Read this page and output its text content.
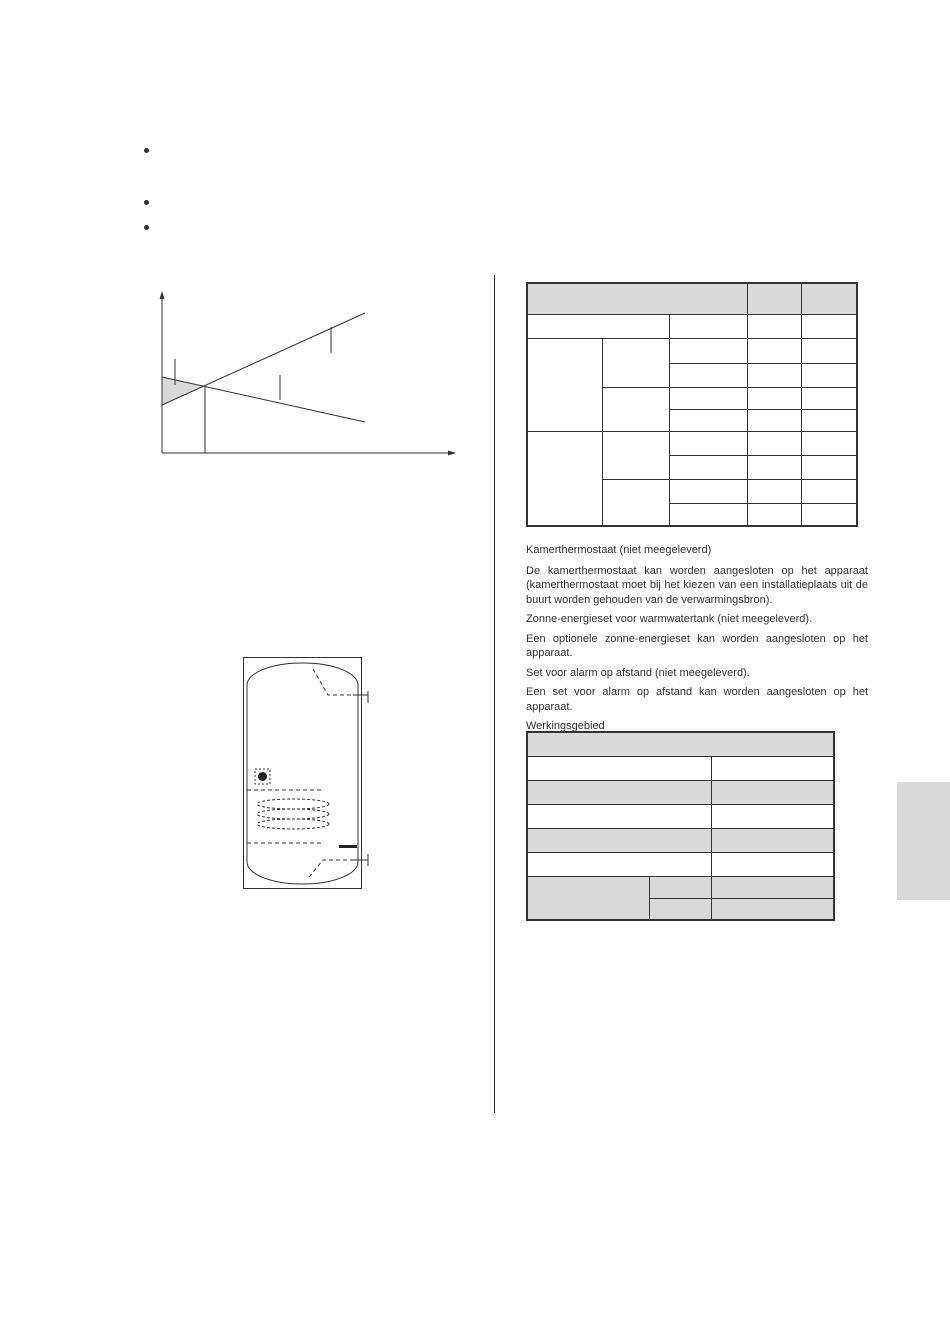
Kamerthermostaat (niet meegeleverd)

De kamerthermostaat kan worden aangesloten op het apparaat (kamerthermostaat moet bij het kiezen van een installatieplaats uit de buurt worden gehouden van de verwarmingsbron).

Zonne-energieset voor warmwatertank (niet meegeleverd).

Een optionele zonne-energieset kan worden aangesloten op het apparaat.

Set voor alarm op afstand (niet meegeleverd).

Een set voor alarm op afstand kan worden aangesloten op het apparaat.

Werkingsgebied
